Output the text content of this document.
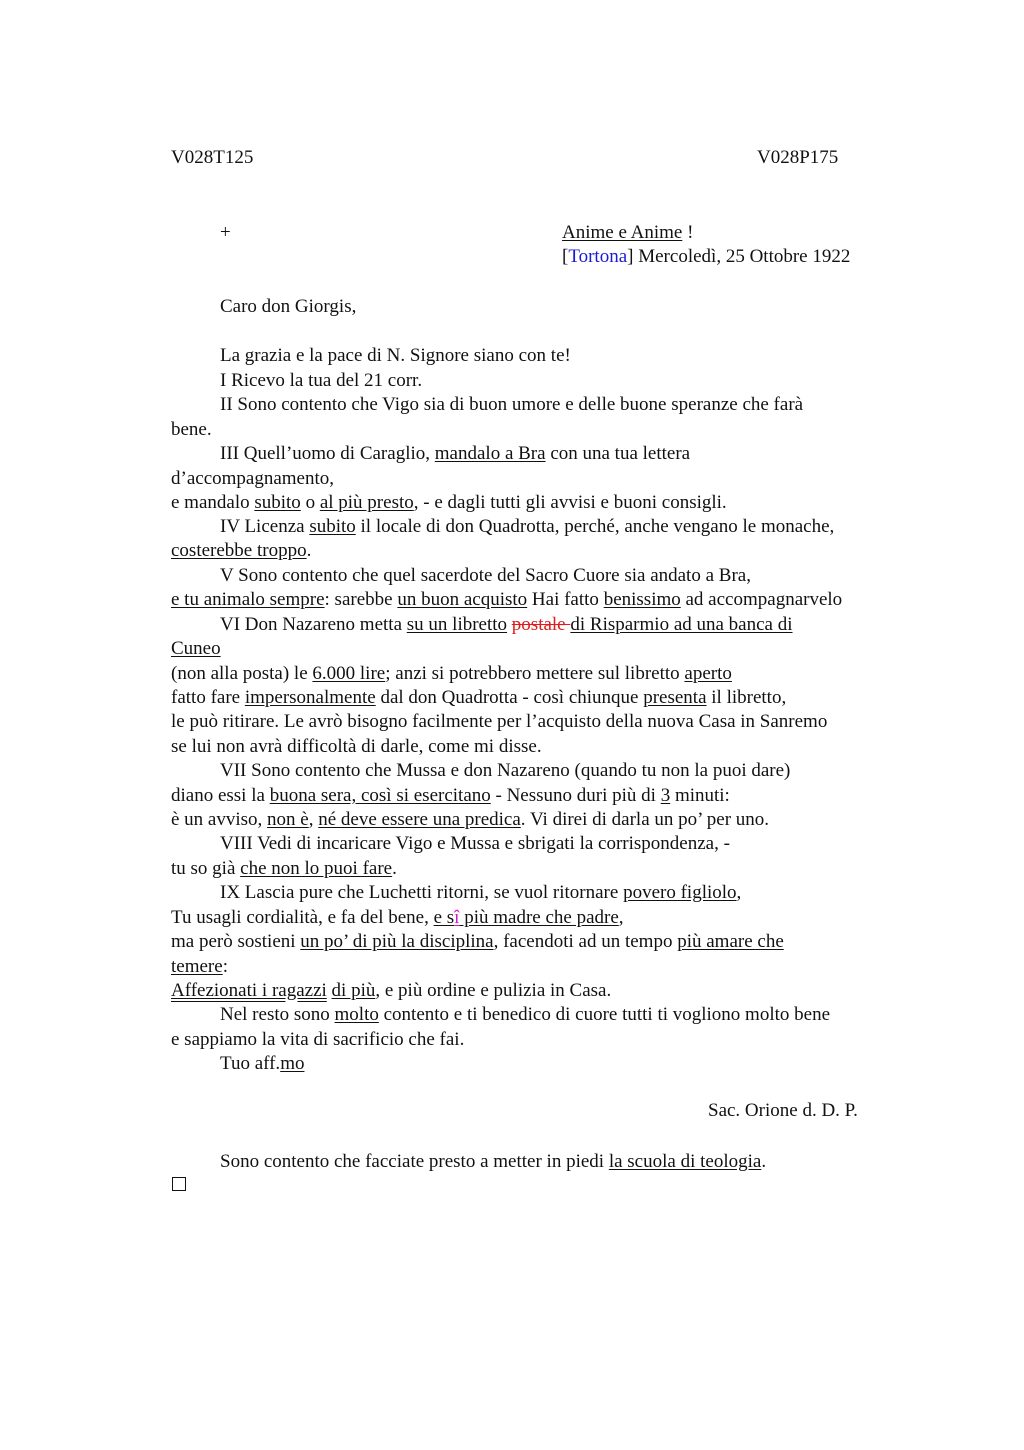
V028T125	V028P175
+	Anime e Anime !
[Tortona] Mercoledì, 25 Ottobre 1922
Caro don Giorgis,
La grazia e la pace di N. Signore siano con te!
I Ricevo la tua del 21 corr.
II Sono contento che Vigo sia di buon umore e delle buone speranze che farà
bene.
III Quell’uomo di Caraglio, mandalo a Bra con una tua lettera
d’accompagnamento,
e mandalo subito o al più presto, - e dagli tutti gli avvisi e buoni consigli.
IV Licenza subito il locale di don Quadrotta, perché, anche vengano le monache,
costerebbe troppo.
V Sono contento che quel sacerdote del Sacro Cuore sia andato a Bra,
e tu animalo sempre: sarebbe un buon acquisto Hai fatto benissimo ad accompagnarvelo
VI Don Nazareno metta su un libretto postale di Risparmio ad una banca di
Cuneo
(non alla posta) le 6.000 lire; anzi si potrebbero mettere sul libretto aperto
fatto fare impersonalmente dal don Quadrotta - così chiunque presenta il libretto,
le può ritirare. Le avrò bisogno facilmente per l’acquisto della nuova Casa in Sanremo
se lui non avrà difficoltà di darle, come mi disse.
VII Sono contento che Mussa e don Nazareno (quando tu non la puoi dare)
diano essi la buona sera, così si esercitano - Nessuno duri più di 3 minuti:
è un avviso, non è, né deve essere una predica. Vi direi di darla un po’ per uno.
VIII Vedi di incaricare Vigo e Mussa e sbrigati la corrispondenza, -
tu so già che non lo puoi fare.
IX Lascia pure che Luchetti ritorni, se vuol ritornare povero figliolo,
Tu usagli cordialità, e fa del bene, e sî più madre che padre,
ma però sostieni un po’ di più la disciplina, facendoti ad un tempo più amare che
temere:
Affezionati i ragazzi di più, e più ordine e pulizia in Casa.
Nel resto sono molto contento e ti benedico di cuore tutti ti vogliono molto bene
e sappiamo la vita di sacrificio che fai.
Tuo aff.mo
Sac. Orione d. D. P.
Sono contento che facciate presto a metter in piedi la scuola di teologia.
